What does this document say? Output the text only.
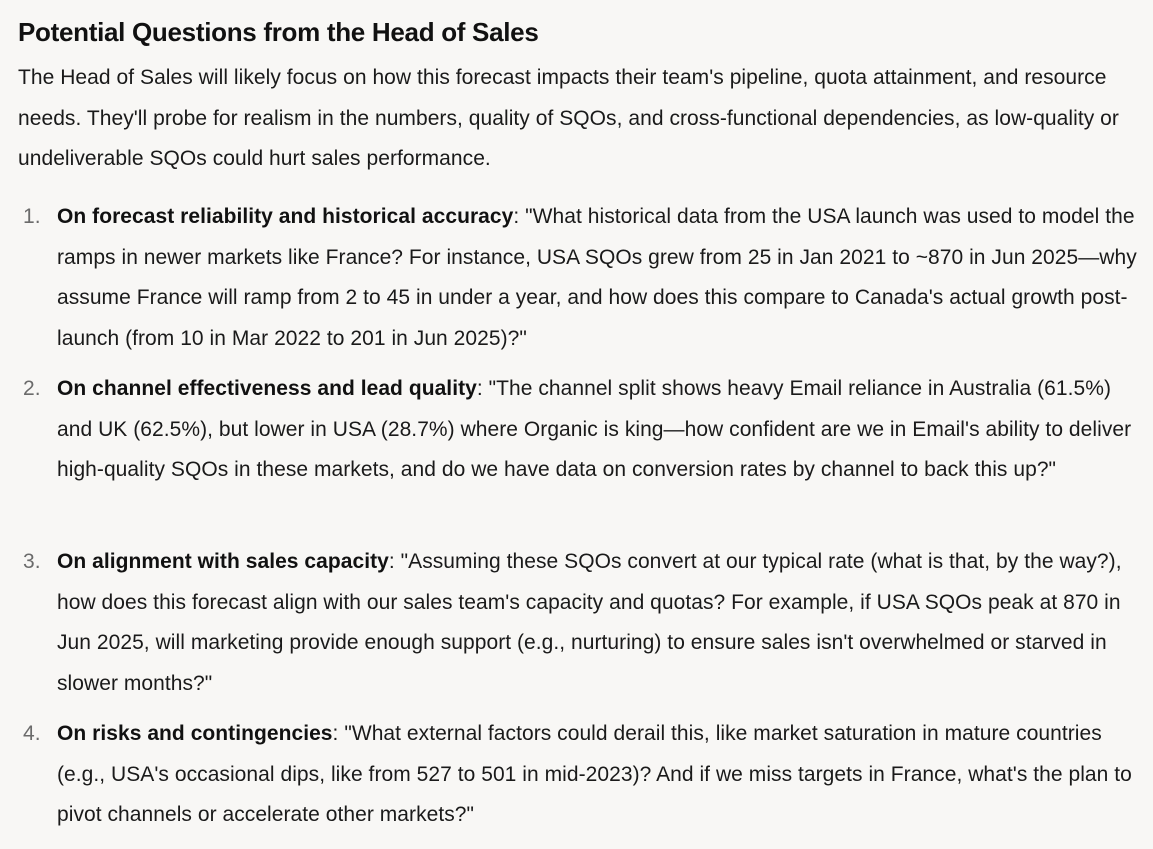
Potential Questions from the Head of Sales

The Head of Sales will likely focus on how this forecast impacts their team's pipeline, quota attainment, and resource needs. They'll probe for realism in the numbers, quality of SQOs, and cross-functional dependencies, as low-quality or undeliverable SQOs could hurt sales performance.

1. On forecast reliability and historical accuracy: "What historical data from the USA launch was used to model the ramps in newer markets like France? For instance, USA SQOs grew from 25 in Jan 2021 to ~870 in Jun 2025—why assume France will ramp from 2 to 45 in under a year, and how does this compare to Canada's actual growth post-launch (from 10 in Mar 2022 to 201 in Jun 2025)?"
2. On channel effectiveness and lead quality: "The channel split shows heavy Email reliance in Australia (61.5%) and UK (62.5%), but lower in USA (28.7%) where Organic is king—how confident are we in Email's ability to deliver high-quality SQOs in these markets, and do we have data on conversion rates by channel to back this up?"
3. On alignment with sales capacity: "Assuming these SQOs convert at our typical rate (what is that, by the way?), how does this forecast align with our sales team's capacity and quotas? For example, if USA SQOs peak at 870 in Jun 2025, will marketing provide enough support (e.g., nurturing) to ensure sales isn't overwhelmed or starved in slower months?"
4. On risks and contingencies: "What external factors could derail this, like market saturation in mature countries (e.g., USA's occasional dips, like from 527 to 501 in mid-2023)? And if we miss targets in France, what's the plan to pivot channels or accelerate other markets?"
